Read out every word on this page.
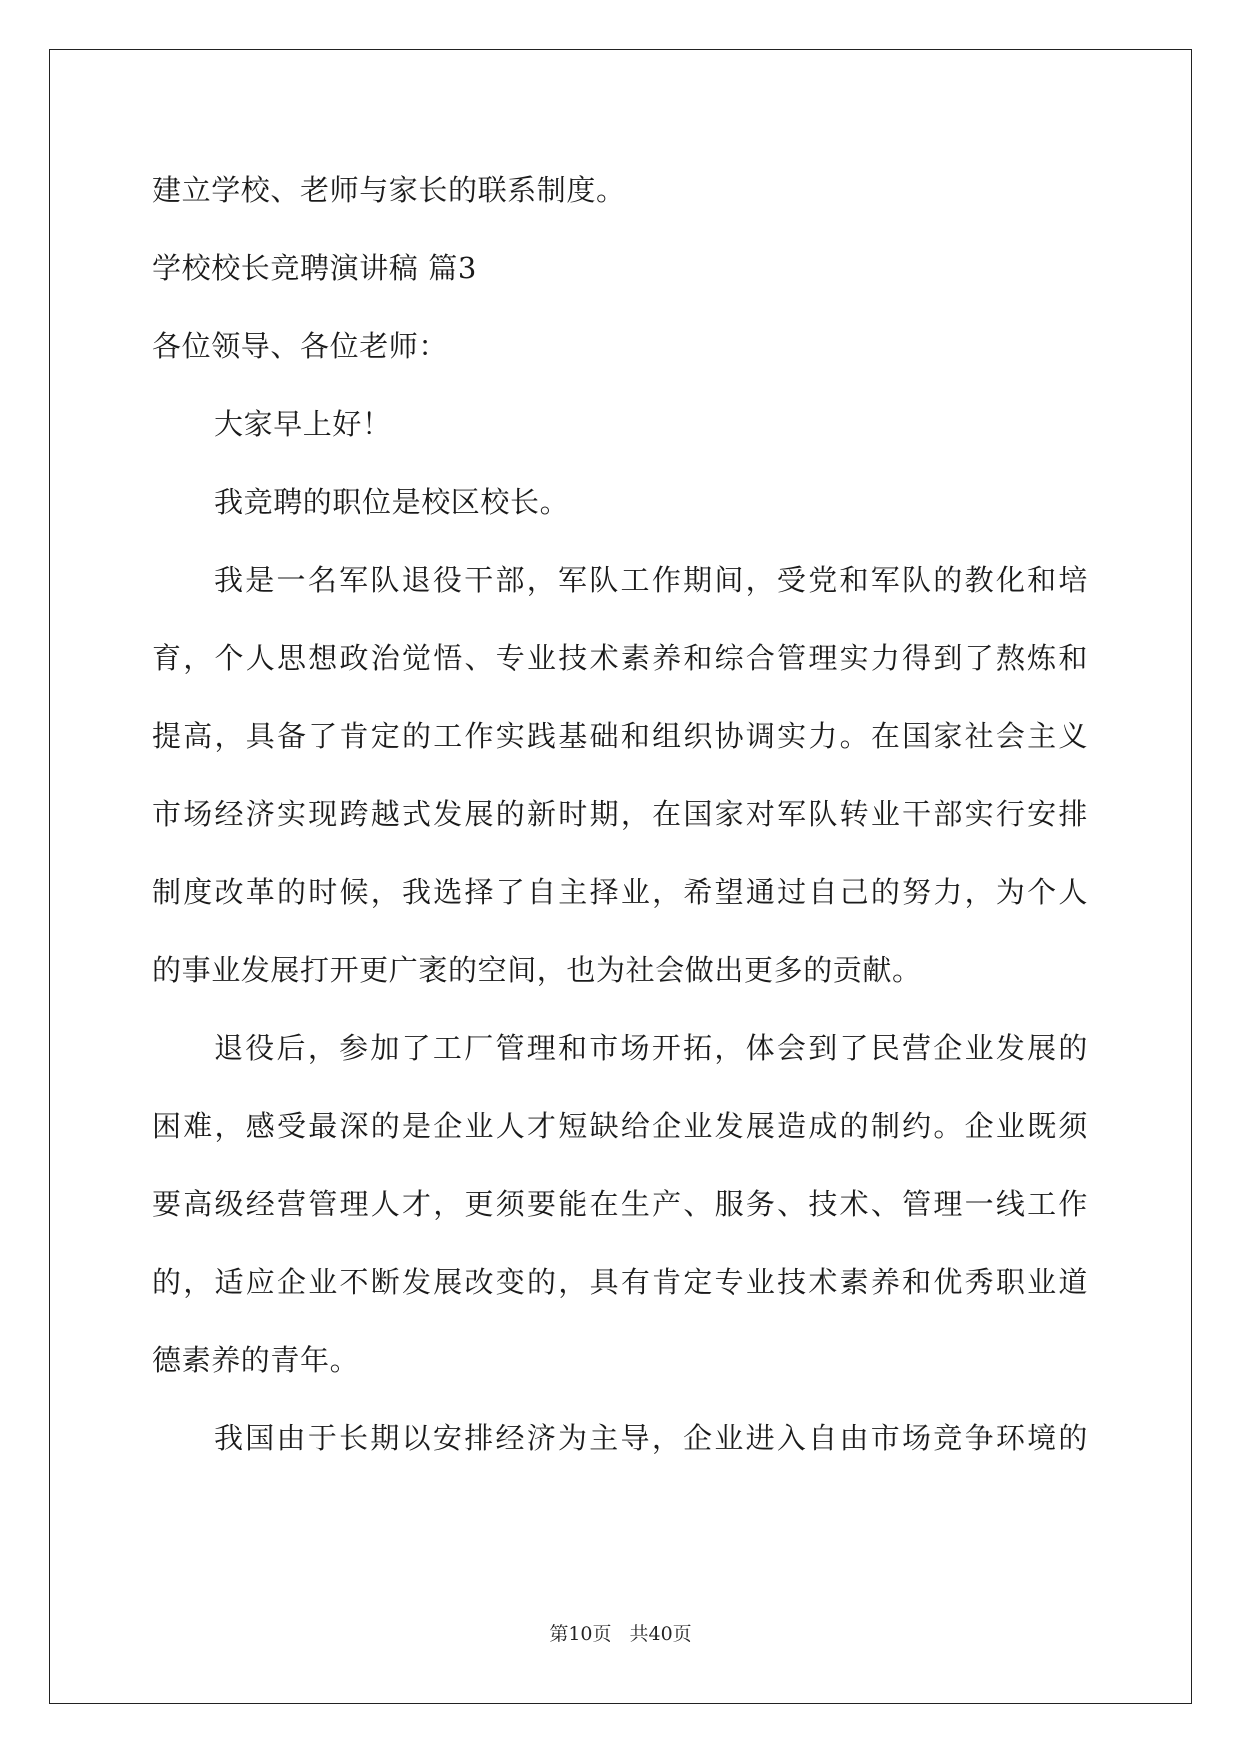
建立学校、老师与家长的联系制度。
学校校长竞聘演讲稿 篇3
各位领导、各位老师：
大家早上好！
我竞聘的职位是校区校长。
我是一名军队退役干部，军队工作期间，受党和军队的教化和培
育，个人思想政治觉悟、专业技术素养和综合管理实力得到了熬炼和
提高，具备了肯定的工作实践基础和组织协调实力。在国家社会主义
市场经济实现跨越式发展的新时期，在国家对军队转业干部实行安排
制度改革的时候，我选择了自主择业，希望通过自己的努力，为个人
的事业发展打开更广袤的空间，也为社会做出更多的贡献。
退役后，参加了工厂管理和市场开拓，体会到了民营企业发展的
困难，感受最深的是企业人才短缺给企业发展造成的制约。企业既须
要高级经营管理人才，更须要能在生产、服务、技术、管理一线工作
的，适应企业不断发展改变的，具有肯定专业技术素养和优秀职业道
德素养的青年。
我国由于长期以安排经济为主导，企业进入自由市场竞争环境的
第10页 共40页
